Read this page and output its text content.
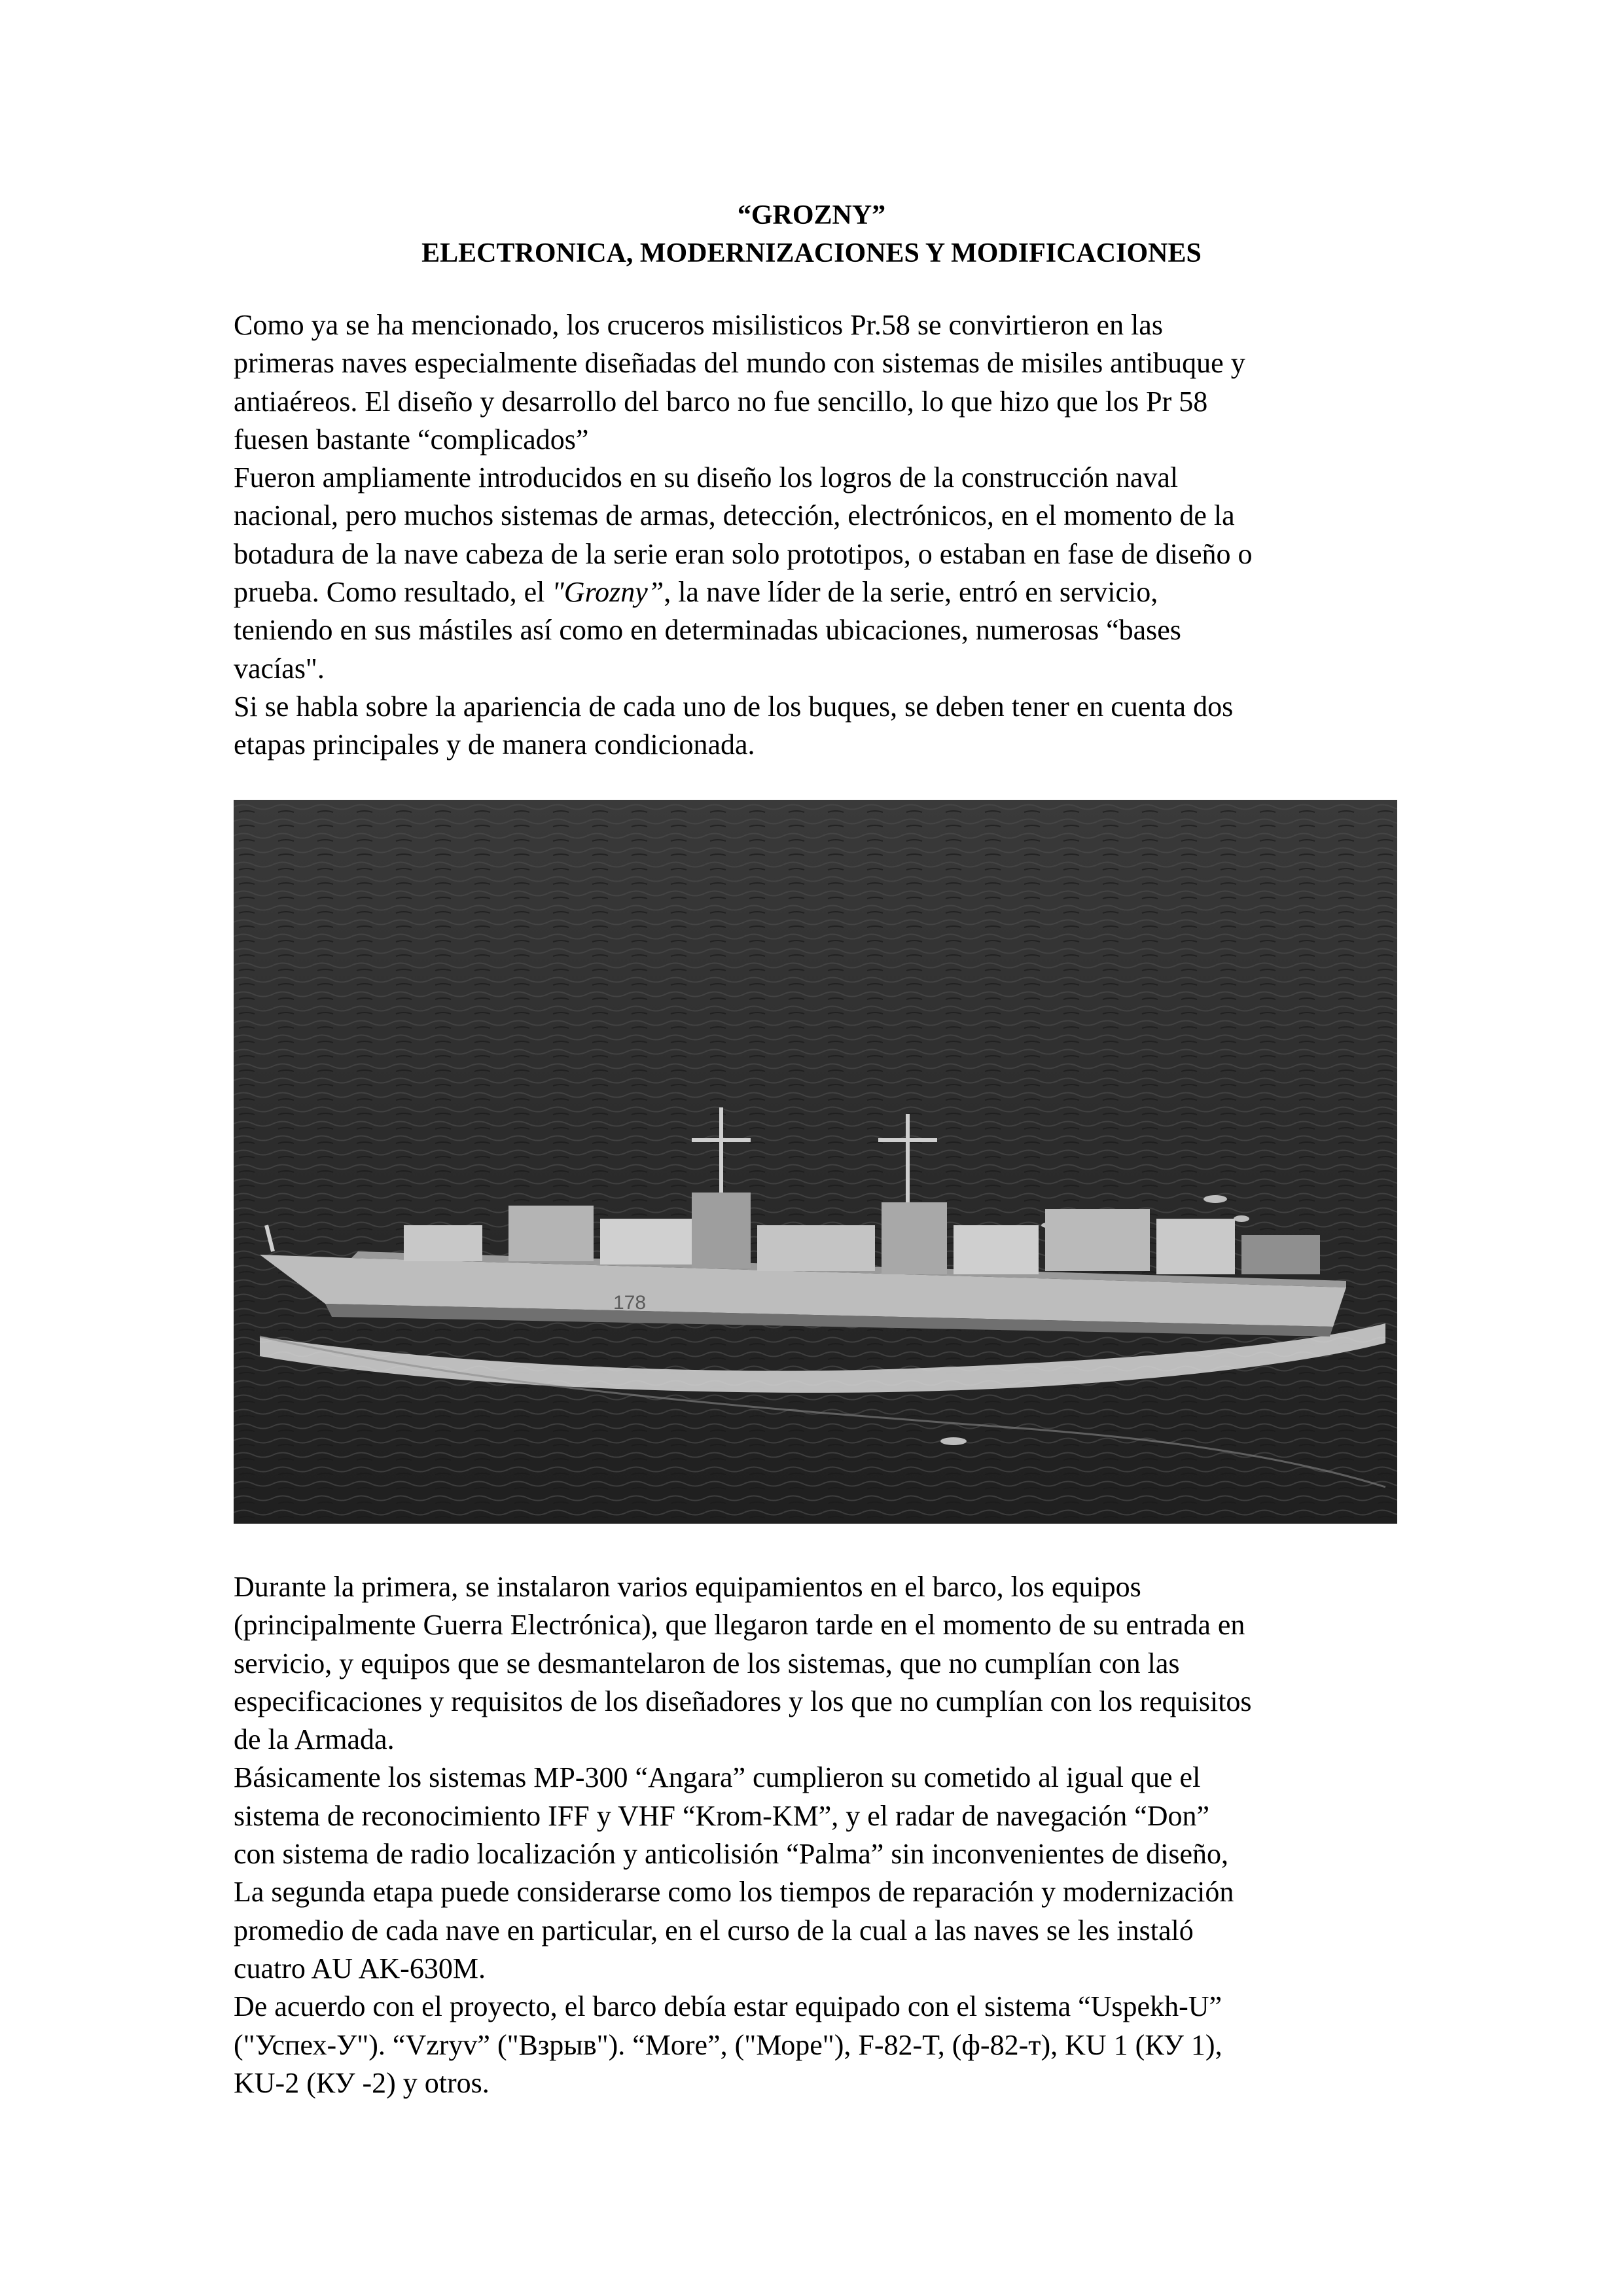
“GROZNY”
ELECTRONICA, MODERNIZACIONES Y MODIFICACIONES

Como ya se ha mencionado, los cruceros misilisticos Pr.58 se convirtieron en las
primeras naves especialmente diseñadas del mundo con sistemas de misiles antibuque y
antiaéreos. El diseño y desarrollo del barco no fue sencillo, lo que hizo que los Pr 58
fuesen bastante “complicados”
Fueron ampliamente introducidos en su diseño los logros de la construcción naval
nacional, pero muchos sistemas de armas, detección, electrónicos, en el momento de la
botadura de la nave cabeza de la serie eran solo prototipos, o estaban en fase de diseño o
prueba. Como resultado, el "Grozny”, la nave líder de la serie, entró en servicio,
teniendo en sus mástiles así como en determinadas ubicaciones, numerosas “bases
vacías".
Si se habla sobre la apariencia de cada uno de los buques, se deben tener en cuenta dos
etapas principales y de manera condicionada.

178

Durante la primera, se instalaron varios equipamientos en el barco, los equipos
(principalmente Guerra Electrónica), que llegaron tarde en el momento de su entrada en
servicio, y equipos que se desmantelaron de los sistemas, que no cumplían con las
especificaciones y requisitos de los diseñadores y los que no cumplían con los requisitos
de la Armada.
Básicamente los sistemas MP-300 “Angara” cumplieron su cometido al igual que el
sistema de reconocimiento IFF y VHF “Krom-KM”, y el radar de navegación “Don”
con sistema de radio localización y anticolisión “Palma” sin inconvenientes de diseño,
La segunda etapa puede considerarse como los tiempos de reparación y modernización
promedio de cada nave en particular, en el curso de la cual a las naves se les instaló
cuatro AU AK-630M.
De acuerdo con el proyecto, el barco debía estar equipado con el sistema “Uspekh-U”
("Успех-У"). “Vzryv” ("Взрыв"). “More”, ("Море"), F-82-T, (ф-82-т), KU 1 (КУ 1),
KU-2 (КУ -2) y otros.
